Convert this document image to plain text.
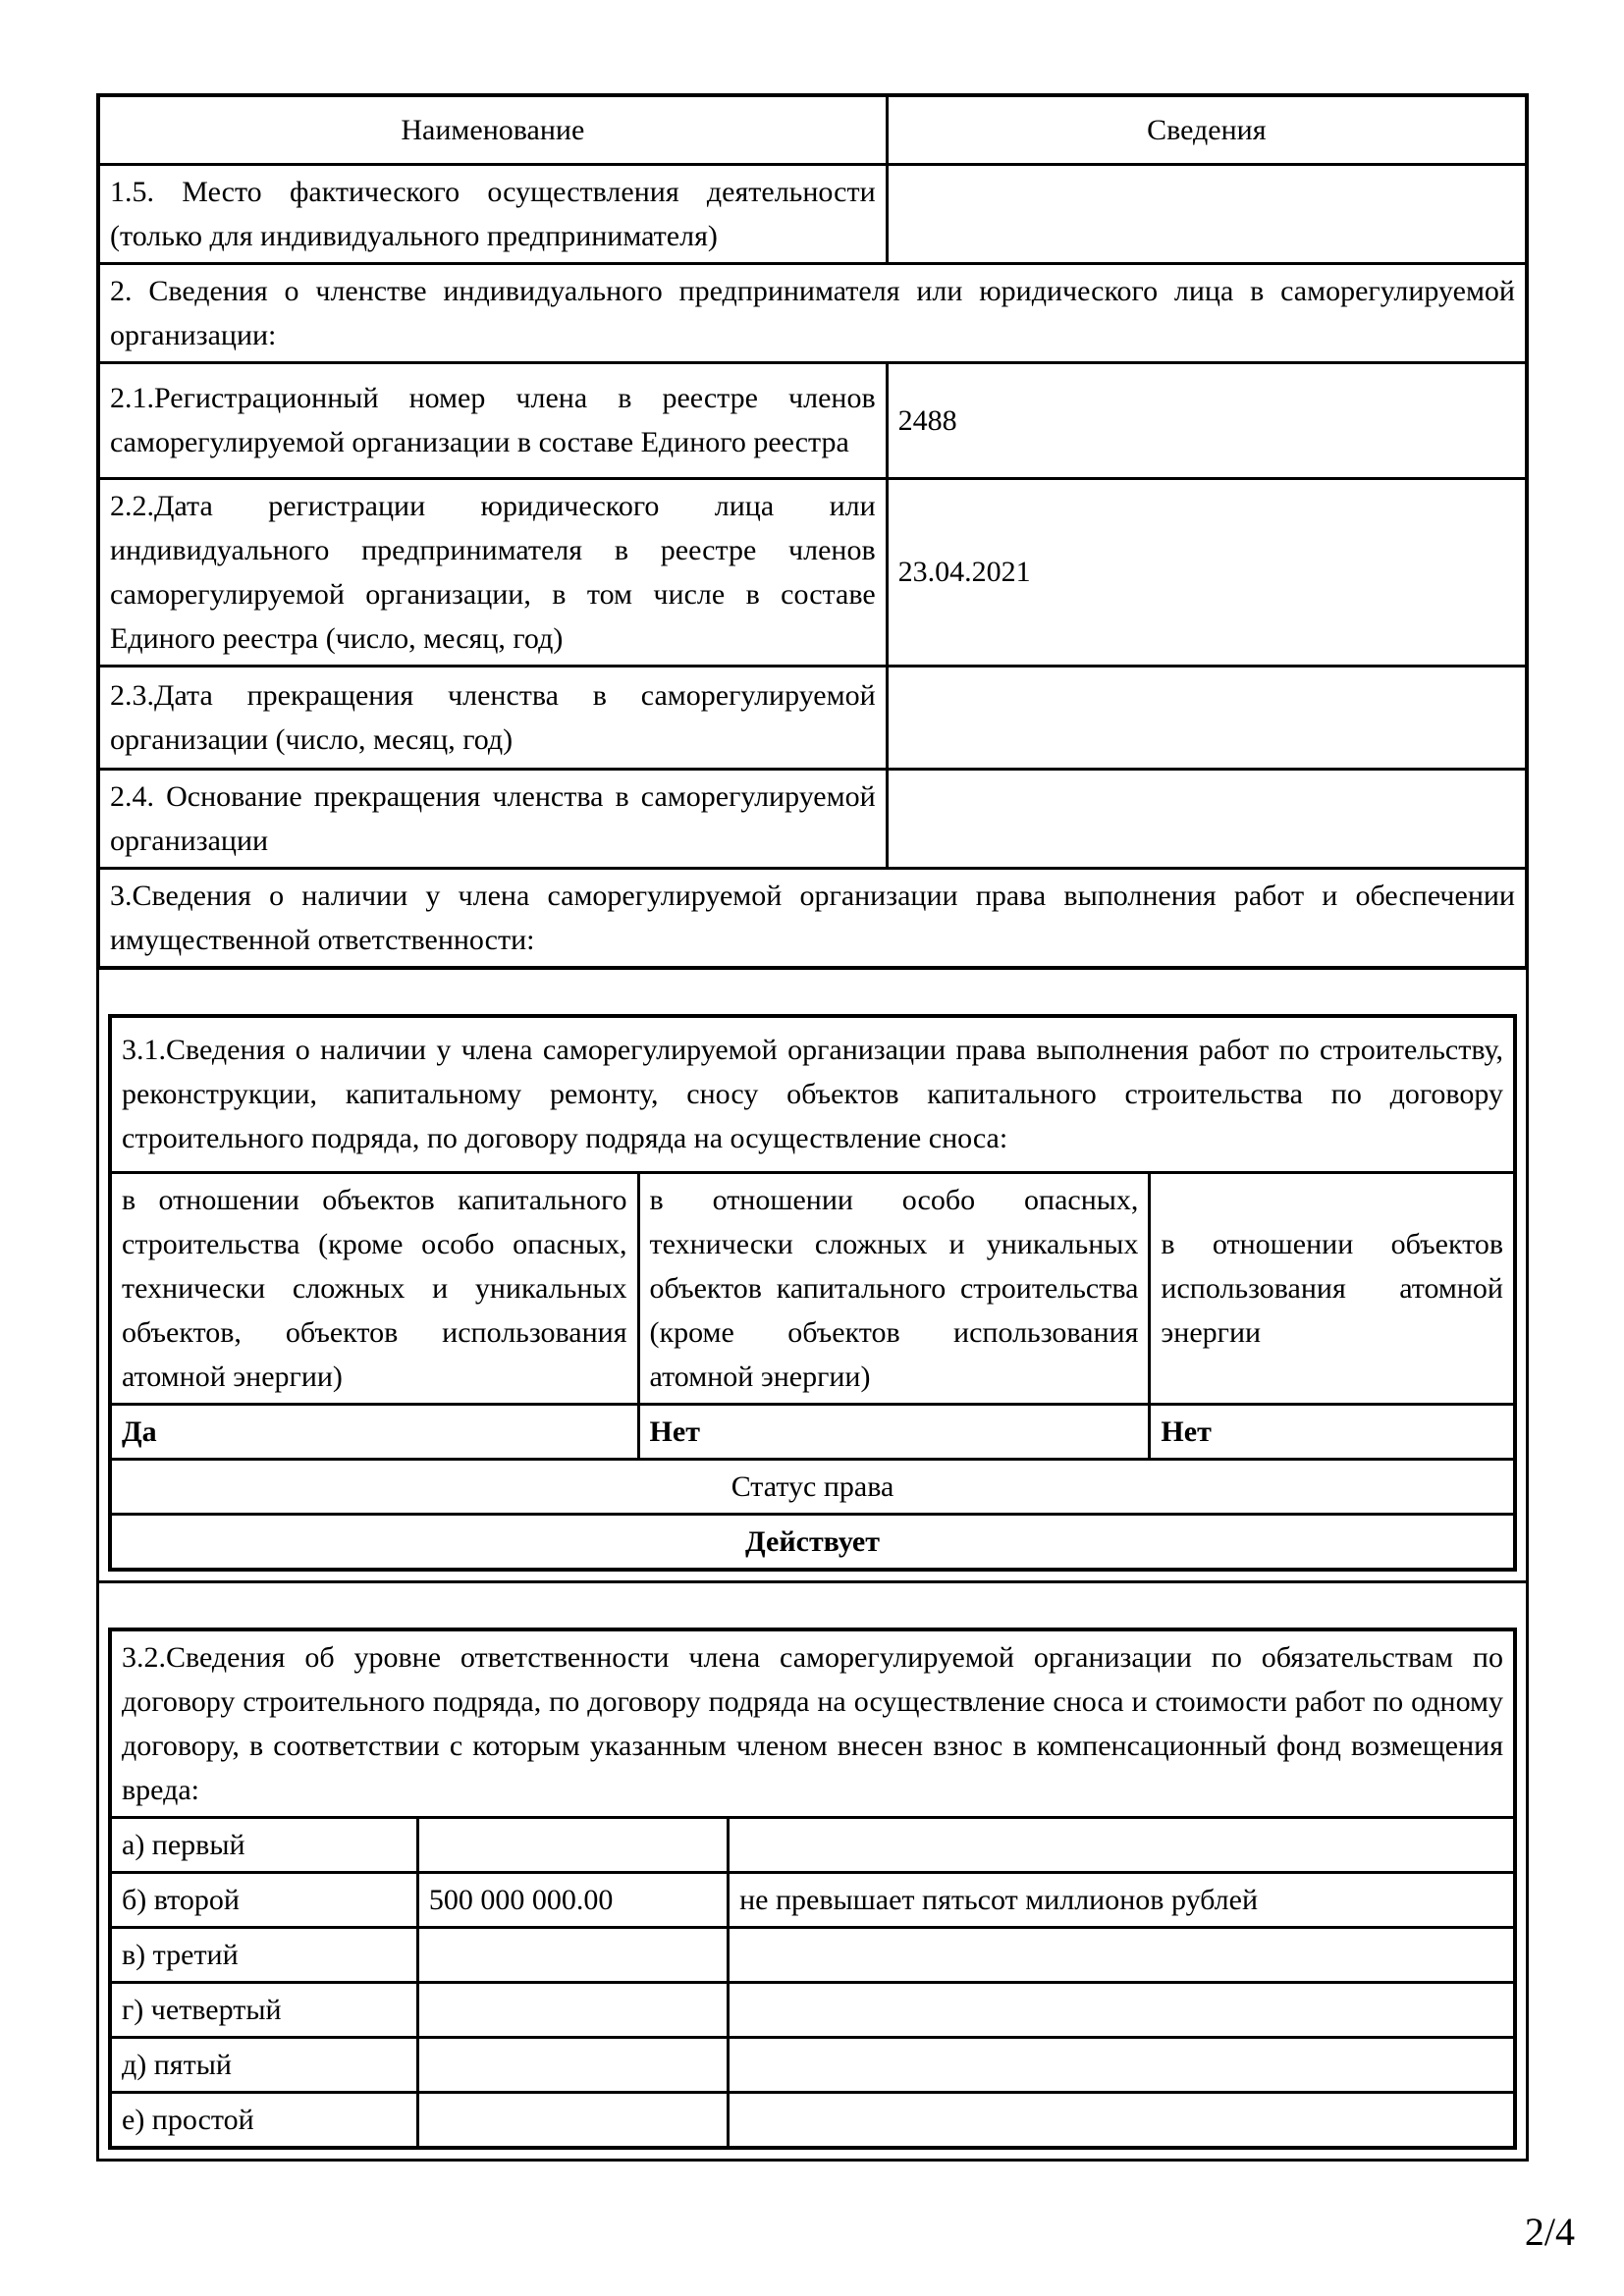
Наименование	Сведения
1.5. Место фактического осуществления деятельности (только для индивидуального предпринимателя)	
2. Сведения о членстве индивидуального предпринимателя или юридического лица в саморегулируемой организации:	
2.1.Регистрационный номер члена в реестре членов саморегулируемой организации в составе Единого реестра	2488
2.2.Дата регистрации юридического лица или индивидуального предпринимателя в реестре членов саморегулируемой организации, в том числе в составе Единого реестра (число, месяц, год)	23.04.2021
2.3.Дата прекращения членства в саморегулируемой организации (число, месяц, год)	
2.4. Основание прекращения членства в саморегулируемой организации	
3.Сведения о наличии у члена саморегулируемой организации права выполнения работ и обеспечении имущественной ответственности:	
3.1.Сведения о наличии у члена саморегулируемой организации права выполнения работ по строительству, реконструкции, капитальному ремонту, сносу объектов капитального строительства по договору строительного подряда, по договору подряда на осуществление сноса:		
в отношении объектов капитального строительства (кроме особо опасных, технически сложных и уникальных объектов, объектов использования атомной энергии)	в отношении особо опасных, технически сложных и уникальных объектов капитального строительства (кроме объектов использования атомной энергии)	в отношении объектов использования атомной энергии
Да	Нет	Нет
Статус права		
Действует		
3.2.Сведения об уровне ответственности члена саморегулируемой организации по обязательствам по договору строительного подряда, по договору подряда на осуществление сноса и стоимости работ по одному договору, в соответствии с которым указанным членом внесен взнос в компенсационный фонд возмещения вреда:		
а) первый		
б) второй	500 000 000.00	не превышает пятьсот миллионов рублей
в) третий		
г) четвертый		
д) пятый		
е) простой		
2/4
